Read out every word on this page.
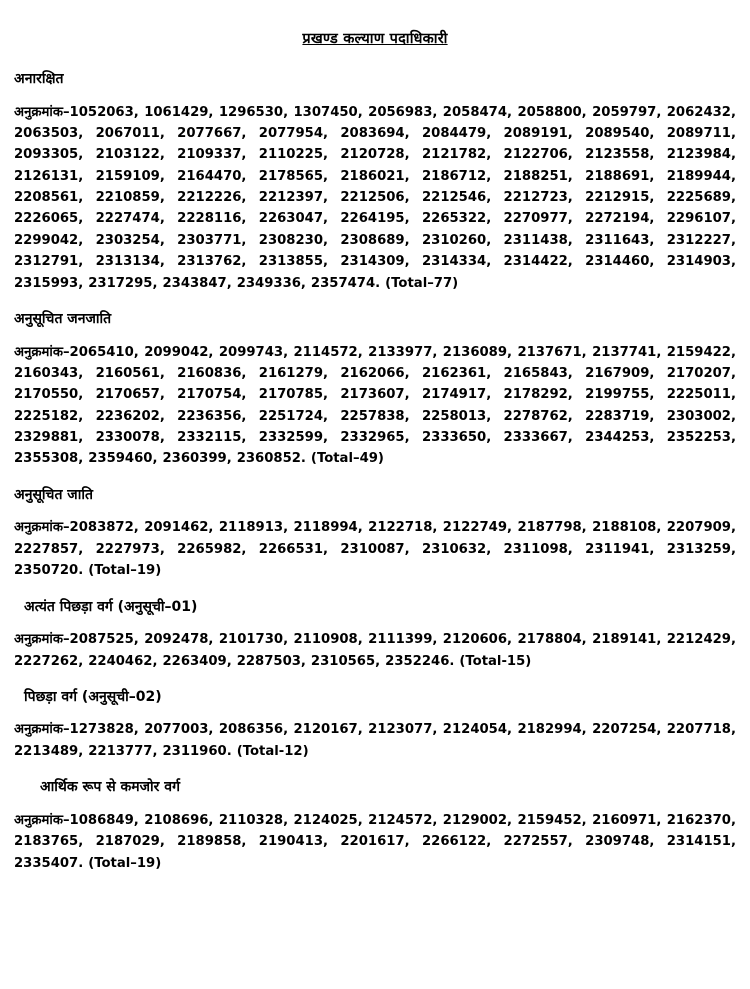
प्रखण्ड कल्याण पदाधिकारी
अनारक्षित
अनुक्रमांक–1052063, 1061429, 1296530, 1307450, 2056983, 2058474, 2058800, 2059797, 2062432, 2063503, 2067011, 2077667, 2077954, 2083694, 2084479, 2089191, 2089540, 2089711, 2093305, 2103122, 2109337, 2110225, 2120728, 2121782, 2122706, 2123558, 2123984, 2126131, 2159109, 2164470, 2178565, 2186021, 2186712, 2188251, 2188691, 2189944, 2208561, 2210859, 2212226, 2212397, 2212506, 2212546, 2212723, 2212915, 2225689, 2226065, 2227474, 2228116, 2263047, 2264195, 2265322, 2270977, 2272194, 2296107, 2299042, 2303254, 2303771, 2308230, 2308689, 2310260, 2311438, 2311643, 2312227, 2312791, 2313134, 2313762, 2313855, 2314309, 2314334, 2314422, 2314460, 2314903, 2315993, 2317295, 2343847, 2349336, 2357474. (Total–77)
अनुसूचित जनजाति
अनुक्रमांक–2065410, 2099042, 2099743, 2114572, 2133977, 2136089, 2137671, 2137741, 2159422, 2160343, 2160561, 2160836, 2161279, 2162066, 2162361, 2165843, 2167909, 2170207, 2170550, 2170657, 2170754, 2170785, 2173607, 2174917, 2178292, 2199755, 2225011, 2225182, 2236202, 2236356, 2251724, 2257838, 2258013, 2278762, 2283719, 2303002, 2329881, 2330078, 2332115, 2332599, 2332965, 2333650, 2333667, 2344253, 2352253, 2355308, 2359460, 2360399, 2360852. (Total–49)
अनुसूचित जाति
अनुक्रमांक–2083872, 2091462, 2118913, 2118994, 2122718, 2122749, 2187798, 2188108, 2207909, 2227857, 2227973, 2265982, 2266531, 2310087, 2310632, 2311098, 2311941, 2313259, 2350720. (Total–19)
अत्यंत पिछड़ा वर्ग (अनुसूची–01)
अनुक्रमांक–2087525, 2092478, 2101730, 2110908, 2111399, 2120606, 2178804, 2189141, 2212429, 2227262, 2240462, 2263409, 2287503, 2310565, 2352246. (Total-15)
पिछड़ा वर्ग (अनुसूची–02)
अनुक्रमांक–1273828, 2077003, 2086356, 2120167, 2123077, 2124054, 2182994, 2207254, 2207718, 2213489, 2213777, 2311960. (Total-12)
आर्थिक रूप से कमजोर वर्ग
अनुक्रमांक–1086849, 2108696, 2110328, 2124025, 2124572, 2129002, 2159452, 2160971, 2162370, 2183765, 2187029, 2189858, 2190413, 2201617, 2266122, 2272557, 2309748, 2314151, 2335407. (Total–19)
